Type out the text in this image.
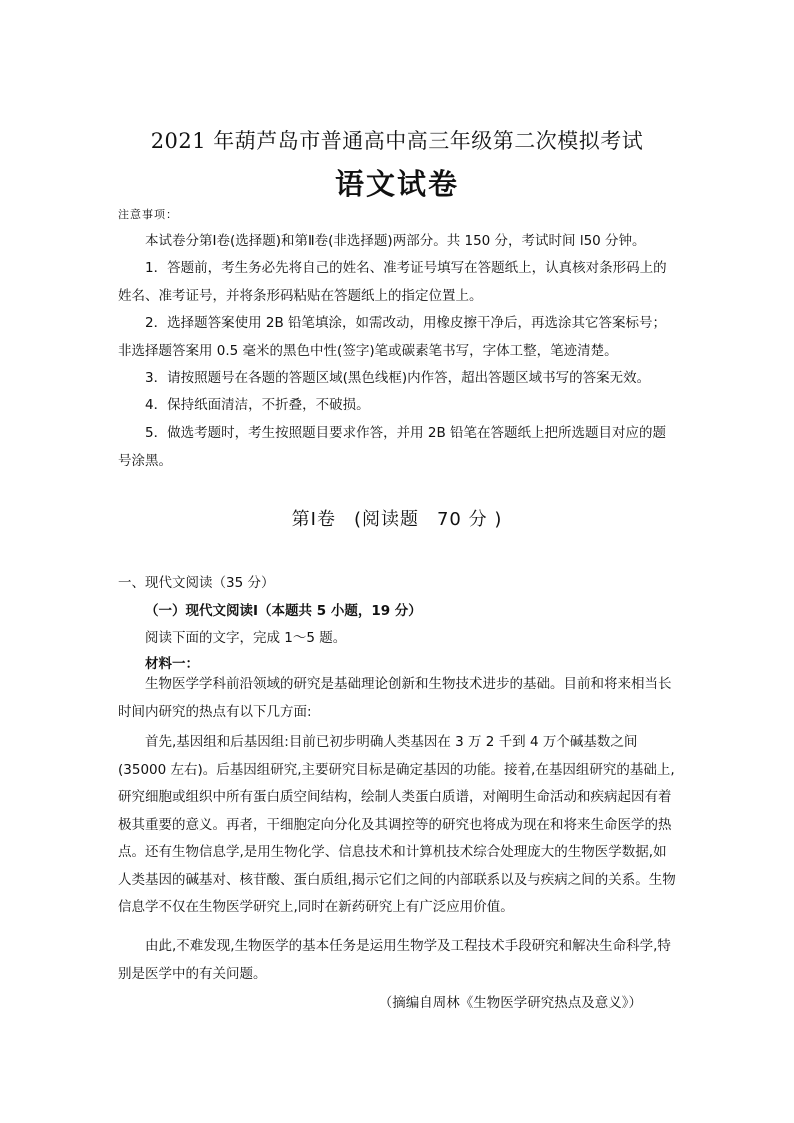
2021 年葫芦岛市普通高中高三年级第二次模拟考试
语文试卷
注意事项：
本试卷分第Ⅰ卷(选择题)和第Ⅱ卷(非选择题)两部分。共 150 分，考试时间 l50 分钟。
1．答题前，考生务必先将自己的姓名、准考证号填写在答题纸上，认真核对条形码上的姓名、准考证号，并将条形码粘贴在答题纸上的指定位置上。
2．选择题答案使用 2B 铅笔填涂，如需改动，用橡皮擦干净后，再选涂其它答案标号；非选择题答案用 0.5 毫米的黑色中性(签字)笔或碳素笔书写，字体工整，笔迹清楚。
3．请按照题号在各题的答题区域(黑色线框)内作答，超出答题区域书写的答案无效。
4．保持纸面清洁，不折叠，不破损。
5．做选考题时，考生按照题目要求作答，并用 2B 铅笔在答题纸上把所选题目对应的题号涂黑。
第Ⅰ卷 (阅读题 70 分 )
一、现代文阅读（35 分）
（一）现代文阅读Ⅰ（本题共 5 小题，19 分）
阅读下面的文字，完成 1～5 题。
材料一：
生物医学学科前沿领域的研究是基础理论创新和生物技术进步的基础。目前和将来相当长时间内研究的热点有以下几方面:
首先,基因组和后基因组:目前已初步明确人类基因在 3 万 2 千到 4 万个碱基数之间(35000 左右)。后基因组研究,主要研究目标是确定基因的功能。接着,在基因组研究的基础上,研究细胞或组织中所有蛋白质空间结构，绘制人类蛋白质谱，对阐明生命活动和疾病起因有着极其重要的意义。再者，干细胞定向分化及其调控等的研究也将成为现在和将来生命医学的热点。还有生物信息学,是用生物化学、信息技术和计算机技术综合处理庞大的生物医学数据,如人类基因的碱基对、核苷酸、蛋白质组,揭示它们之间的内部联系以及与疾病之间的关系。生物信息学不仅在生物医学研究上,同时在新药研究上有广泛应用价值。
由此,不难发现,生物医学的基本任务是运用生物学及工程技术手段研究和解决生命科学,特别是医学中的有关问题。
（摘编自周林《生物医学研究热点及意义》）
